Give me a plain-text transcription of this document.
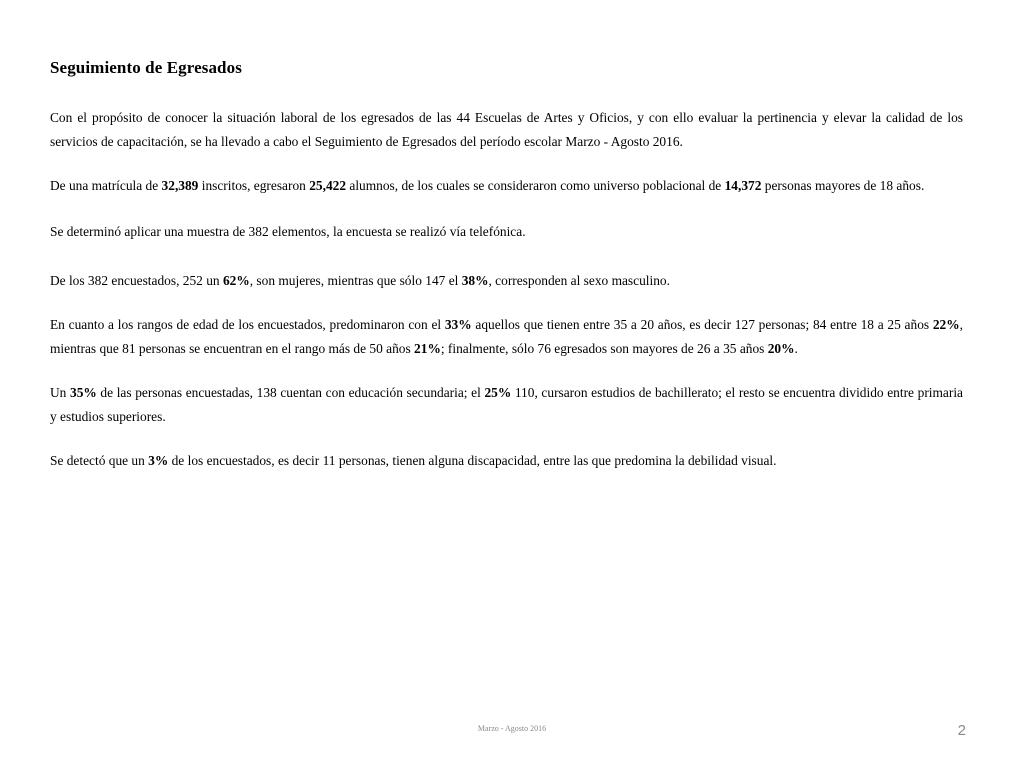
Seguimiento de Egresados

Con el propósito de conocer la situación laboral de los egresados de las 44 Escuelas de Artes y Oficios, y con ello evaluar la pertinencia y elevar la calidad de los servicios de capacitación, se ha llevado a cabo el Seguimiento de Egresados del período escolar Marzo - Agosto 2016.

De una matrícula de 32,389 inscritos, egresaron 25,422 alumnos, de los cuales se consideraron como universo poblacional de 14,372 personas mayores de 18 años.

Se determinó aplicar una muestra de 382 elementos, la encuesta se realizó vía telefónica.

De los 382 encuestados, 252 un 62%, son mujeres, mientras que sólo 147 el 38%, corresponden al sexo masculino.

En cuanto a los rangos de edad de los encuestados, predominaron con el 33% aquellos que tienen entre 35 a 20 años, es decir 127 personas; 84 entre 18 a 25 años 22%, mientras que 81 personas se encuentran en el rango más de 50 años 21%; finalmente, sólo 76 egresados son mayores de 26 a 35 años 20%.

Un 35% de las personas encuestadas, 138 cuentan con educación secundaria; el 25% 110, cursaron estudios de bachillerato; el resto se encuentra dividido entre primaria y estudios superiores.

Se detectó que un 3% de los encuestados, es decir 11 personas, tienen alguna discapacidad, entre las que predomina la debilidad visual.

Marzo - Agosto 2016	2
